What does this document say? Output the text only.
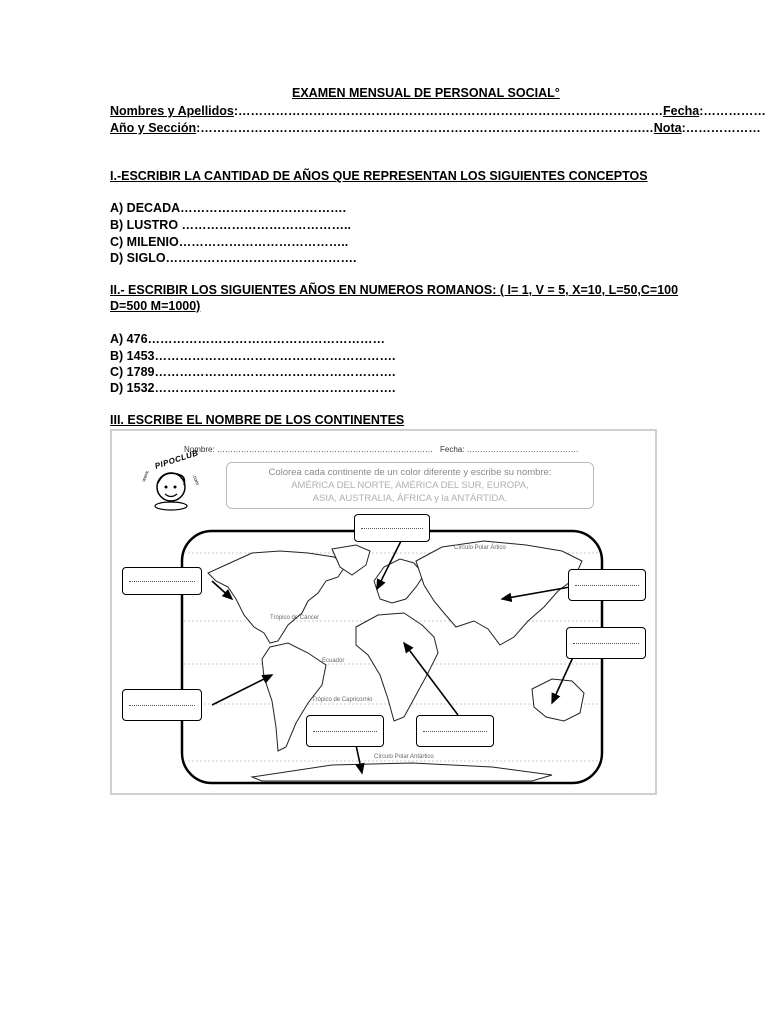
EXAMEN MENSUAL DE PERSONAL SOCIAL°
Nombres y Apellidos:…………………………………………………………………………………………Fecha:……………
Año y Sección:…………………………………………………………………………………………….…Nota:………………
I.-ESCRIBIR LA CANTIDAD DE AÑOS QUE REPRESENTAN LOS SIGUIENTES CONCEPTOS
A) DECADA………………………………….
B) LUSTRO …………………………………..
C) MILENIO…………………………………..
D) SIGLO……………………………………….
II.- ESCRIBIR LOS SIGUIENTES AÑOS EN NUMEROS ROMANOS: ( I= 1, V = 5, X=10, L=50,C=100
D=500 M=1000)
A) 476…………………………………………………
B) 1453………………………………………………….
C) 1789………………………………………………….
D) 1532………………………………………………….
III. ESCRIBE EL NOMBRE DE LOS CONTINENTES
Nombre: ……………………………………………………………………… Fecha: ……………………………………
PIPOCLUB
www.	.com
Colorea cada continente de un color diferente y escribe su nombre:
AMÉRICA DEL NORTE, AMÉRICA DEL SUR, EUROPA,
ASIA, AUSTRALIA, ÁFRICA y la ANTÁRTIDA.
Círculo Polar Ártico
Trópico de Cáncer
Ecuador
Trópico de Capricornio
Círculo Polar Antártico
